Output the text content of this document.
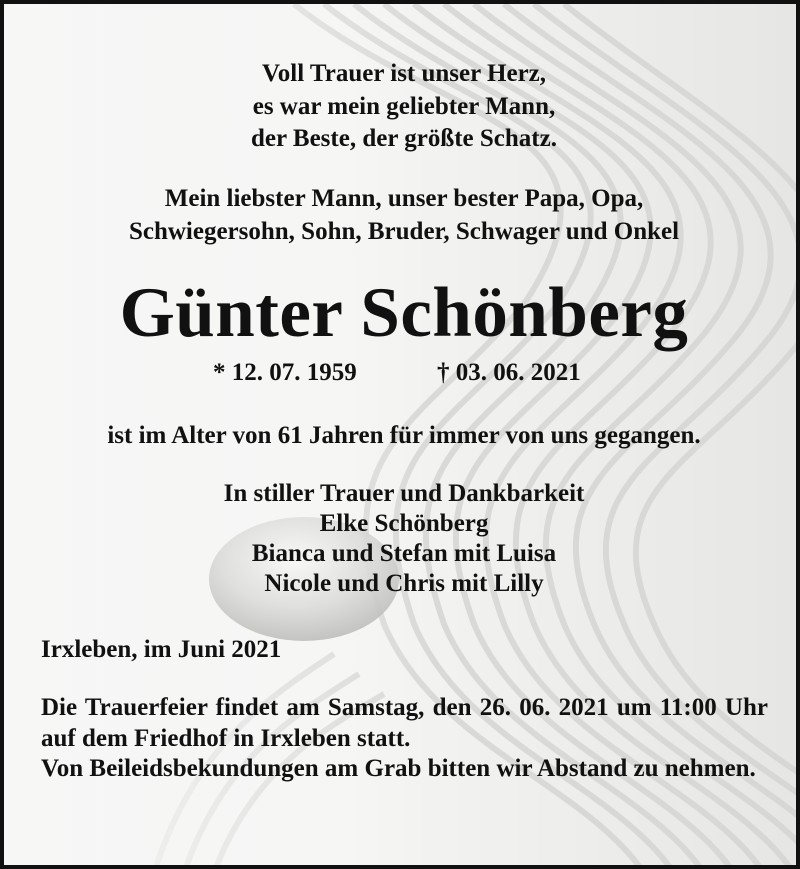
Voll Trauer ist unser Herz,
es war mein geliebter Mann,
der Beste, der größte Schatz.
Mein liebster Mann, unser bester Papa, Opa,
Schwiegersohn, Sohn, Bruder, Schwager und Onkel
Günter Schönberg
* 12. 07. 1959	† 03. 06. 2021
ist im Alter von 61 Jahren für immer von uns gegangen.
In stiller Trauer und Dankbarkeit
Elke Schönberg
Bianca und Stefan mit Luisa
Nicole und Chris mit Lilly
Irxleben, im Juni 2021
Die Trauerfeier findet am Samstag, den 26. 06. 2021 um 11:00 Uhr auf dem Friedhof in Irxleben statt.
Von Beileidsbekundungen am Grab bitten wir Abstand zu nehmen.
